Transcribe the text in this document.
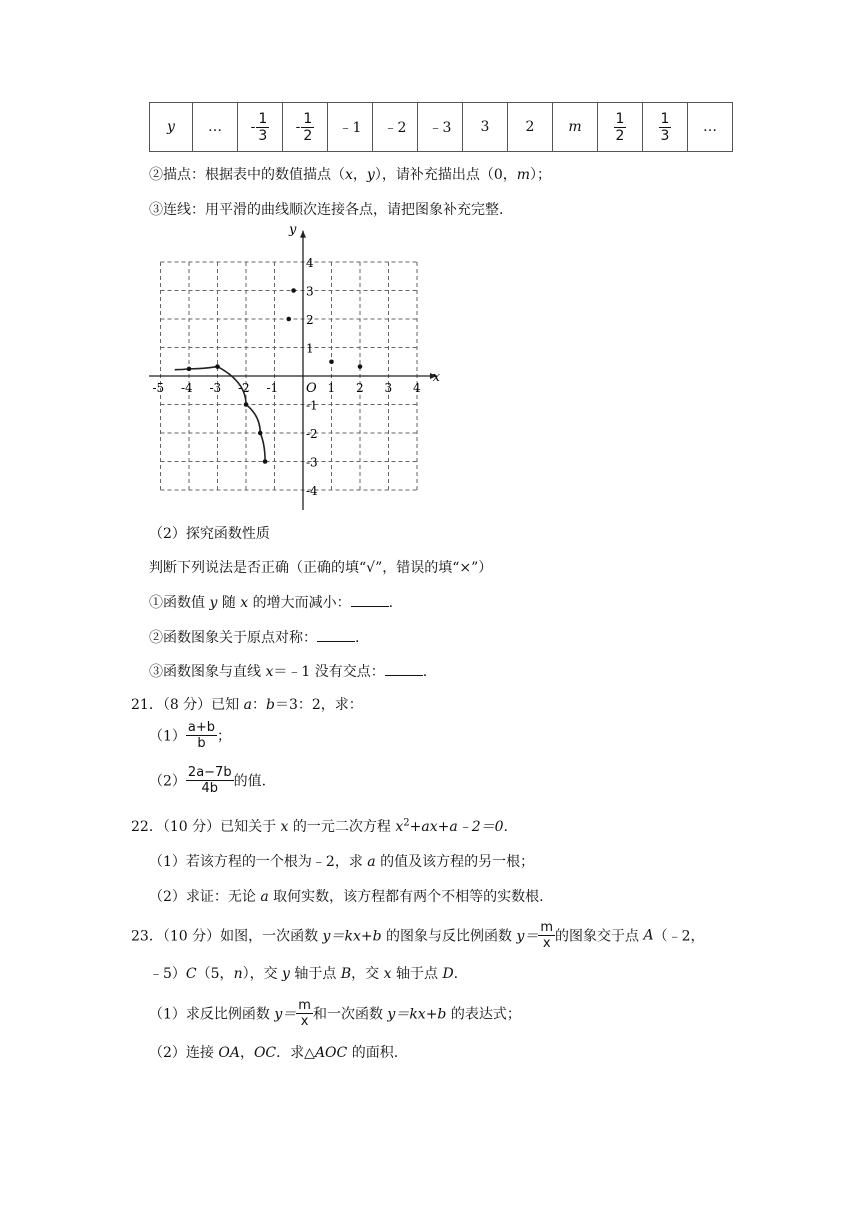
y	…	- $\frac{1}{3}$	- $\frac{1}{2}$	﹣1	﹣2	﹣3	3	2	m	$\frac{1}{2}$	$\frac{1}{3}$	…
②描点：根据表中的数值描点（x，y），请补充描出点（0，m）；
③连线：用平滑的曲线顺次连接各点，请把图象补充完整.
x
y
O
-5 -4 -3 -2 -1	1 2 3 4
4
3
2
1
-1
-2
-3
-4
（2）探究函数性质
判断下列说法是否正确（正确的填“√”，错误的填“×”）
①函数值 y 随 x 的增大而减小：	.
②函数图象关于原点对称：	.
③函数图象与直线 x＝﹣1 没有交点：	.
21．（8 分）已知 a：b＝3：2，求：
$(1) \frac{a+b}{b}$ ；
$(2) \frac{2a-7b}{4b}$ 的值.
22．（10 分）已知关于 x 的一元二次方程 $x^2+ax+a﹣2=0$.
（1）若该方程的一个根为﹣2，求 a 的值及该方程的另一根；
（2）求证：无论 a 取何实数，该方程都有两个不相等的实数根.
23．（10 分）如图，一次函数 y＝kx+b 的图象与反比例函数 $y= \frac{m}{x}$ 的图象交于点 A（﹣2，
﹣5）C（5，n），交 y 轴于点 B，交 x 轴于点 D.
（1）求反比例函数 $y= \frac{m}{x}$ 和一次函数 y＝kx+b 的表达式；
（2）连接 OA，OC．求△AOC 的面积.
